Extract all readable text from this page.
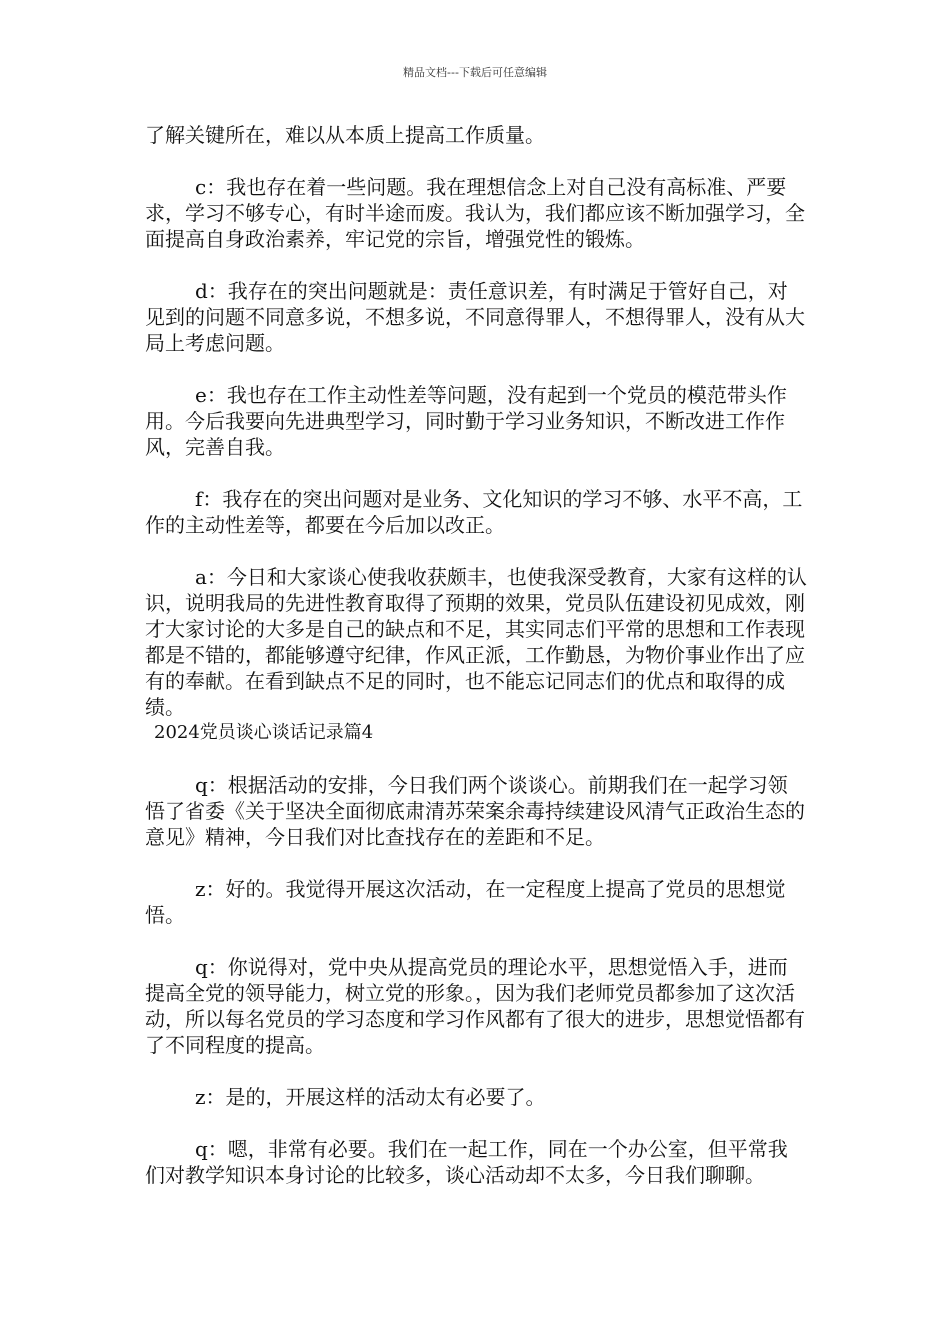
精品文档---下载后可任意编辑

了解关键所在，难以从本质上提高工作质量。

c：我也存在着一些问题。我在理想信念上对自己没有高标准、严要求，学习不够专心，有时半途而废。我认为，我们都应该不断加强学习，全面提高自身政治素养，牢记党的宗旨，增强党性的锻炼。

d：我存在的突出问题就是：责任意识差，有时满足于管好自己，对见到的问题不同意多说，不想多说，不同意得罪人，不想得罪人，没有从大局上考虑问题。

e：我也存在工作主动性差等问题，没有起到一个党员的模范带头作用。今后我要向先进典型学习，同时勤于学习业务知识，不断改进工作作风，完善自我。

f：我存在的突出问题对是业务、文化知识的学习不够、水平不高，工作的主动性差等，都要在今后加以改正。

a：今日和大家谈心使我收获颇丰，也使我深受教育，大家有这样的认识，说明我局的先进性教育取得了预期的效果，党员队伍建设初见成效，刚才大家讨论的大多是自己的缺点和不足，其实同志们平常的思想和工作表现都是不错的，都能够遵守纪律，作风正派，工作勤恳，为物价事业作出了应有的奉献。在看到缺点不足的同时，也不能忘记同志们的优点和取得的成绩。

2024党员谈心谈话记录篇4

q：根据活动的安排，今日我们两个谈谈心。前期我们在一起学习领悟了省委《关于坚决全面彻底肃清苏荣案余毒持续建设风清气正政治生态的意见》精神，今日我们对比查找存在的差距和不足。

z：好的。我觉得开展这次活动，在一定程度上提高了党员的思想觉悟。

q：你说得对，党中央从提高党员的理论水平，思想觉悟入手，进而提高全党的领导能力，树立党的形象。，因为我们老师党员都参加了这次活动，所以每名党员的学习态度和学习作风都有了很大的进步，思想觉悟都有了不同程度的提高。

z：是的，开展这样的活动太有必要了。

q：嗯，非常有必要。我们在一起工作，同在一个办公室，但平常我们对教学知识本身讨论的比较多，谈心活动却不太多，今日我们聊聊。
